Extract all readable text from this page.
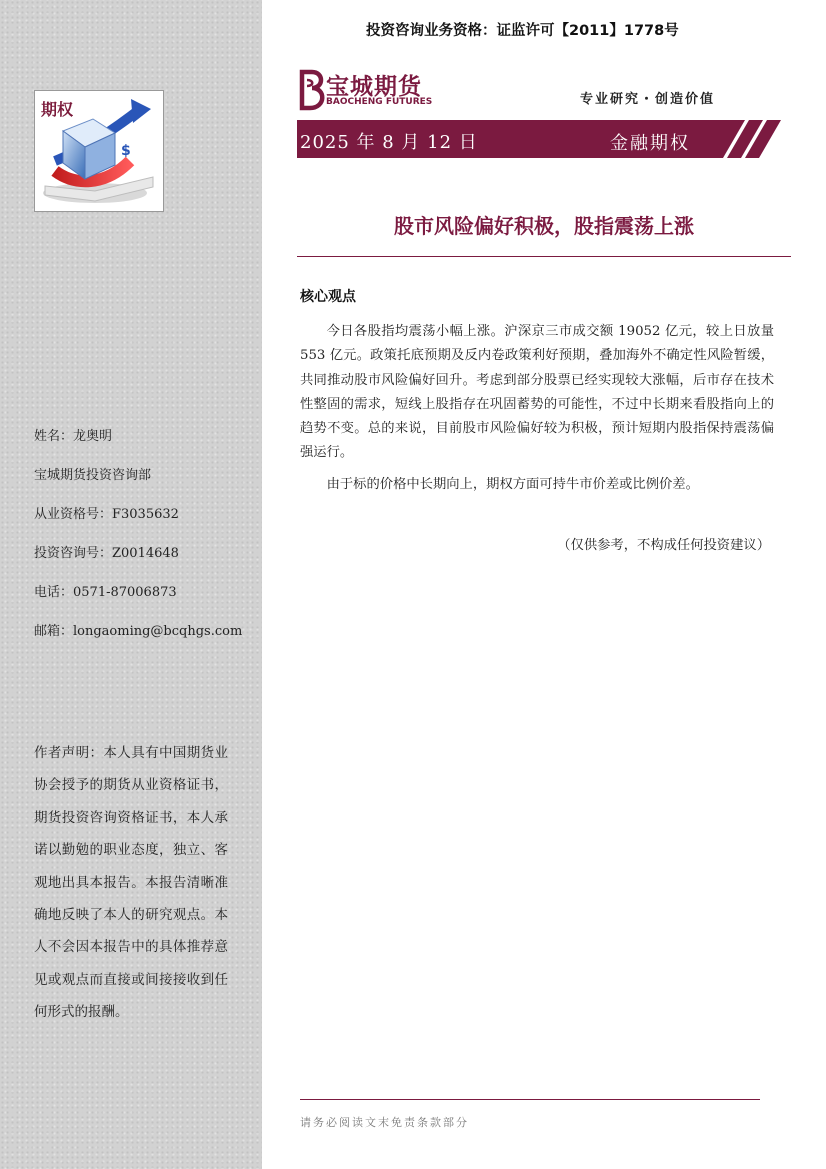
$
期权
姓名：龙奥明
宝城期货投资咨询部
从业资格号：F3035632
投资咨询号：Z0014648
电话：0571-87006873
邮箱：longaoming@bcqhgs.com
作者声明：本人具有中国期货业协会授予的期货从业资格证书，期货投资咨询资格证书，本人承诺以勤勉的职业态度，独立、客观地出具本报告。本报告清晰准确地反映了本人的研究观点。本人不会因本报告中的具体推荐意见或观点而直接或间接接收到任何形式的报酬。
投资咨询业务资格：证监许可【2011】1778号
宝城期货
BAOCHENG FUTURES	专业研究・创造价值
2025 年 8 月 12 日	金融期权
股市风险偏好积极，股指震荡上涨
核心观点

今日各股指均震荡小幅上涨。沪深京三市成交额 19052 亿元，较上日放量 553 亿元。政策托底预期及反内卷政策利好预期，叠加海外不确定性风险暂缓，共同推动股市风险偏好回升。考虑到部分股票已经实现较大涨幅，后市存在技术性整固的需求，短线上股指存在巩固蓄势的可能性，不过中长期来看股指向上的趋势不变。总的来说，目前股市风险偏好较为积极，预计短期内股指保持震荡偏强运行。

由于标的价格中长期向上，期权方面可持牛市价差或比例价差。

（仅供参考，不构成任何投资建议）
请务必阅读文末免责条款部分
